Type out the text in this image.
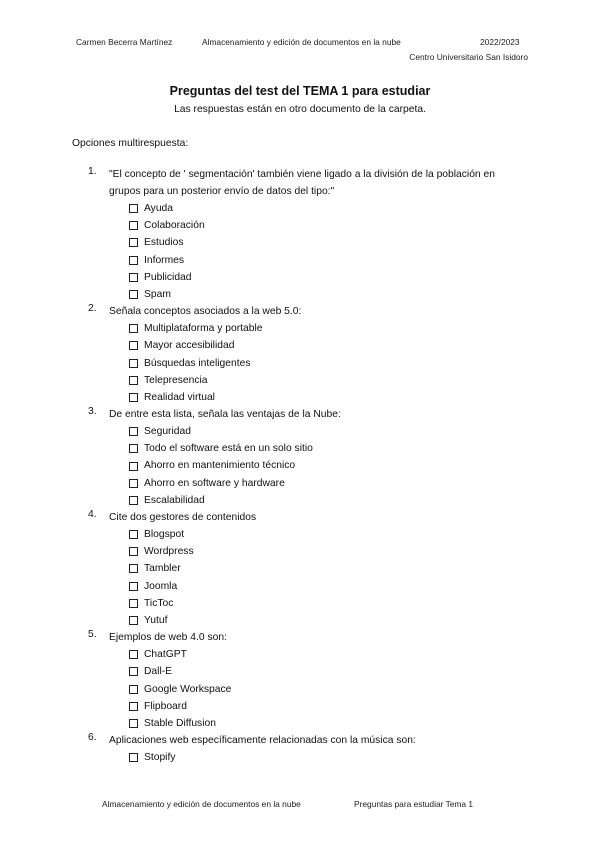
Carmen Becerra Martínez	Almacenamiento y edición de documentos en la nube	2022/2023
Centro Universitario San Isidoro
Preguntas del test del TEMA 1 para estudiar
Las respuestas están en otro documento de la carpeta.
Opciones multirespuesta:
1. "El concepto de ' segmentación' también viene ligado a la división de la población en grupos para un posterior envío de datos del tipo:"
Ayuda
Colaboración
Estudios
Informes
Publicidad
Spam
2. Señala conceptos asociados a la web 5.0:
Multiplataforma y portable
Mayor accesibilidad
Búsquedas inteligentes
Telepresencia
Realidad virtual
3. De entre esta lista, señala las ventajas de la Nube:
Seguridad
Todo el software está en un solo sitio
Ahorro en mantenimiento técnico
Ahorro en software y hardware
Escalabilidad
4. Cite dos gestores de contenidos
Blogspot
Wordpress
Tambler
Joomla
TicToc
Yutuf
5. Ejemplos de web 4.0 son:
ChatGPT
Dall-E
Google Workspace
Flipboard
Stable Diffusion
6. Aplicaciones web específicamente relacionadas con la música son:
Stopify
Almacenamiento y edición de documentos en la nube	Preguntas para estudiar Tema 1
